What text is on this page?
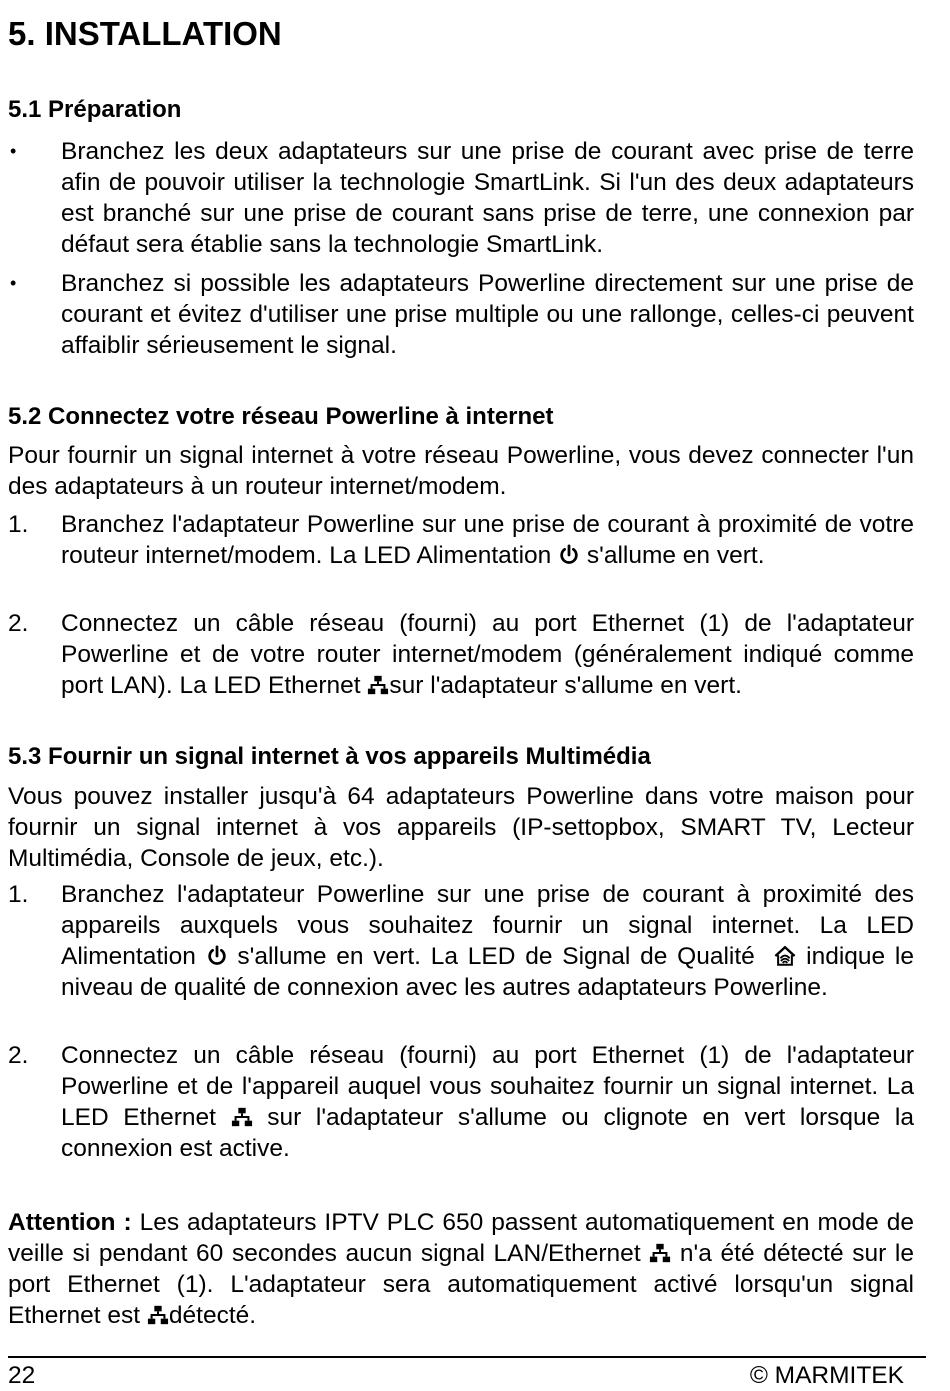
5. INSTALLATION
5.1 Préparation
• Branchez les deux adaptateurs sur une prise de courant avec prise de terre afin de pouvoir utiliser la technologie SmartLink. Si l'un des deux adaptateurs est branché sur une prise de courant sans prise de terre, une connexion par défaut sera établie sans la technologie SmartLink.
• Branchez si possible les adaptateurs Powerline directement sur une prise de courant et évitez d'utiliser une prise multiple ou une rallonge, celles-ci peuvent affaiblir sérieusement le signal.
5.2 Connectez votre réseau Powerline à internet

Pour fournir un signal internet à votre réseau Powerline, vous devez connecter l'un des adaptateurs à un routeur internet/modem.

1. Branchez l'adaptateur Powerline sur une prise de courant à proximité de votre routeur internet/modem. La LED Alimentation
s'allume en vert.
2. Connectez un câble réseau (fourni) au port Ethernet (1) de l'adaptateur Powerline et de votre router internet/modem (généralement indiqué comme port LAN). La LED Ethernet sur l'adaptateur s'allume en vert.
5.3 Fournir un signal internet à vos appareils Multimédia

Vous pouvez installer jusqu'à 64 adaptateurs Powerline dans votre maison pour fournir un signal internet à vos appareils (IP-settopbox, SMART TV, Lecteur Multimédia, Console de jeux, etc.).

1. Branchez l'adaptateur Powerline sur une prise de courant à proximité des appareils auxquels vous souhaitez fournir un signal internet. La LED Alimentation
s'allume en vert. La LED de Signal de Qualité
indique le niveau de qualité de connexion avec les autres adaptateurs Powerline.
2. Connectez un câble réseau (fourni) au port Ethernet (1) de l'adaptateur Powerline et de l'appareil auquel vous souhaitez fournir un signal internet. La LED Ethernet
sur l'adaptateur s'allume ou clignote en vert lorsque la connexion est active.

Attention : Les adaptateurs IPTV PLC 650 passent automatiquement en mode de veille si pendant 60 secondes aucun signal LAN/Ethernet
n'a été détecté sur le port Ethernet (1). L'adaptateur sera automatiquement activé lorsqu'un signal Ethernet est détecté.

22	© MARMITEK
